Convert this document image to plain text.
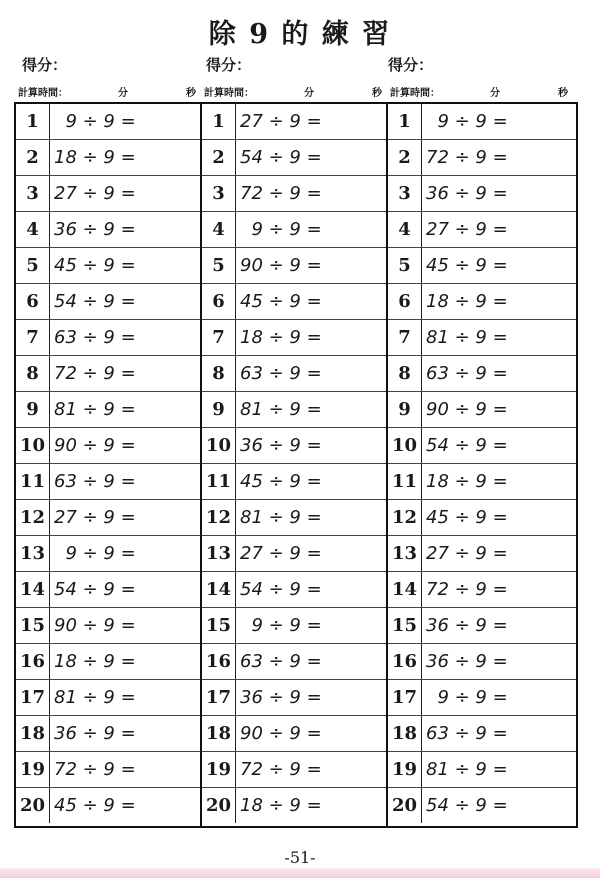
除 9 的 練 習
得分：	得分：	得分：
計算時間：	分	秒 計算時間：	分	秒 計算時間：	分	秒
1 9 ÷ 9 =
2 18 ÷ 9 =
3 27 ÷ 9 =
4 36 ÷ 9 =
5 45 ÷ 9 =
6 54 ÷ 9 =
7 63 ÷ 9 =
8 72 ÷ 9 =
9 81 ÷ 9 =
10 90 ÷ 9 =
11 63 ÷ 9 =
12 27 ÷ 9 =
13 9 ÷ 9 =
14 54 ÷ 9 =
15 90 ÷ 9 =
16 18 ÷ 9 =
17 81 ÷ 9 =
18 36 ÷ 9 =
19 72 ÷ 9 =
20 45 ÷ 9 =
1 27 ÷ 9 =
2 54 ÷ 9 =
3 72 ÷ 9 =
4 9 ÷ 9 =
5 90 ÷ 9 =
6 45 ÷ 9 =
7 18 ÷ 9 =
8 63 ÷ 9 =
9 81 ÷ 9 =
10 36 ÷ 9 =
11 45 ÷ 9 =
12 81 ÷ 9 =
13 27 ÷ 9 =
14 54 ÷ 9 =
15 9 ÷ 9 =
16 63 ÷ 9 =
17 36 ÷ 9 =
18 90 ÷ 9 =
19 72 ÷ 9 =
20 18 ÷ 9 =
1 9 ÷ 9 =
2 72 ÷ 9 =
3 36 ÷ 9 =
4 27 ÷ 9 =
5 45 ÷ 9 =
6 18 ÷ 9 =
7 81 ÷ 9 =
8 63 ÷ 9 =
9 90 ÷ 9 =
10 54 ÷ 9 =
11 18 ÷ 9 =
12 45 ÷ 9 =
13 27 ÷ 9 =
14 72 ÷ 9 =
15 36 ÷ 9 =
16 36 ÷ 9 =
17 9 ÷ 9 =
18 63 ÷ 9 =
19 81 ÷ 9 =
20 54 ÷ 9 =
-51-
